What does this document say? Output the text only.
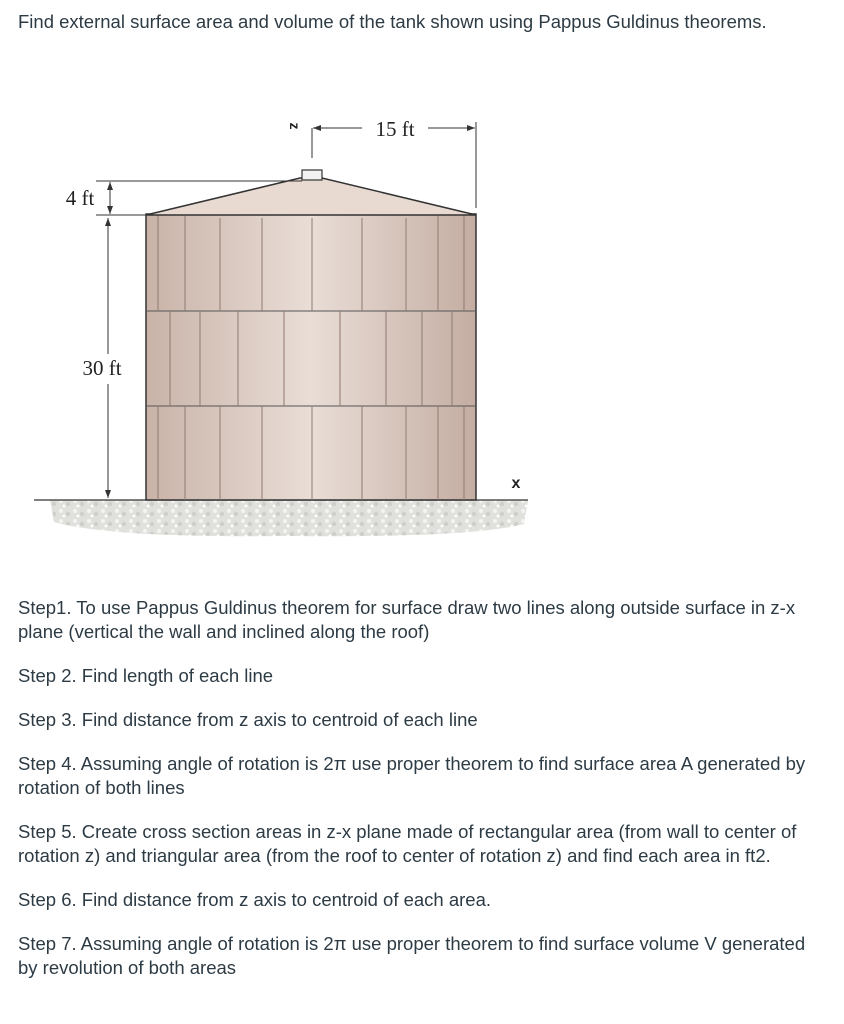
Find external surface area and volume of the tank shown using Pappus Guldinus theorems.

15 ft
z
4 ft
30 ft
x

Step1. To use Pappus Guldinus theorem for surface draw two lines along outside surface in z-x plane (vertical the wall and inclined along the roof)

Step 2. Find length of each line

Step 3. Find distance from z axis to centroid of each line

Step 4. Assuming angle of rotation is 2π use proper theorem to find surface area A generated by rotation of both lines

Step 5. Create cross section areas in z-x plane made of rectangular area (from wall to center of rotation z) and triangular area (from the roof to center of rotation z) and find each area in ft2.

Step 6. Find distance from z axis to centroid of each area.

Step 7. Assuming angle of rotation is 2π use proper theorem to find surface volume V generated by revolution of both areas
